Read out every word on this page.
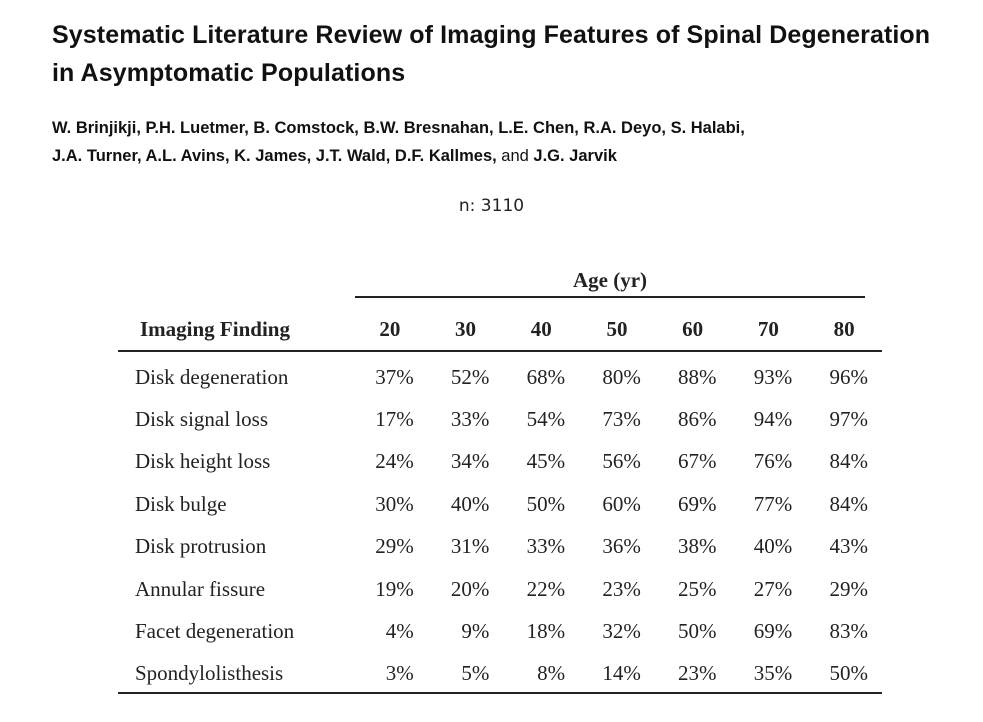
Systematic Literature Review of Imaging Features of Spinal Degeneration in Asymptomatic Populations

W. Brinjikji, P.H. Luetmer, B. Comstock, B.W. Bresnahan, L.E. Chen, R.A. Deyo, S. Halabi,
J.A. Turner, A.L. Avins, K. James, J.T. Wald, D.F. Kallmes, and J.G. Jarvik

n: 3110
Age (yr)
Imaging Finding	20	30	40	50	60	70	80
Disk degeneration	37%	52%	68%	80%	88%	93%	96%
Disk signal loss	17%	33%	54%	73%	86%	94%	97%
Disk height loss	24%	34%	45%	56%	67%	76%	84%
Disk bulge	30%	40%	50%	60%	69%	77%	84%
Disk protrusion	29%	31%	33%	36%	38%	40%	43%
Annular fissure	19%	20%	22%	23%	25%	27%	29%
Facet degeneration	4%	9%	18%	32%	50%	69%	83%
Spondylolisthesis	3%	5%	8%	14%	23%	35%	50%
